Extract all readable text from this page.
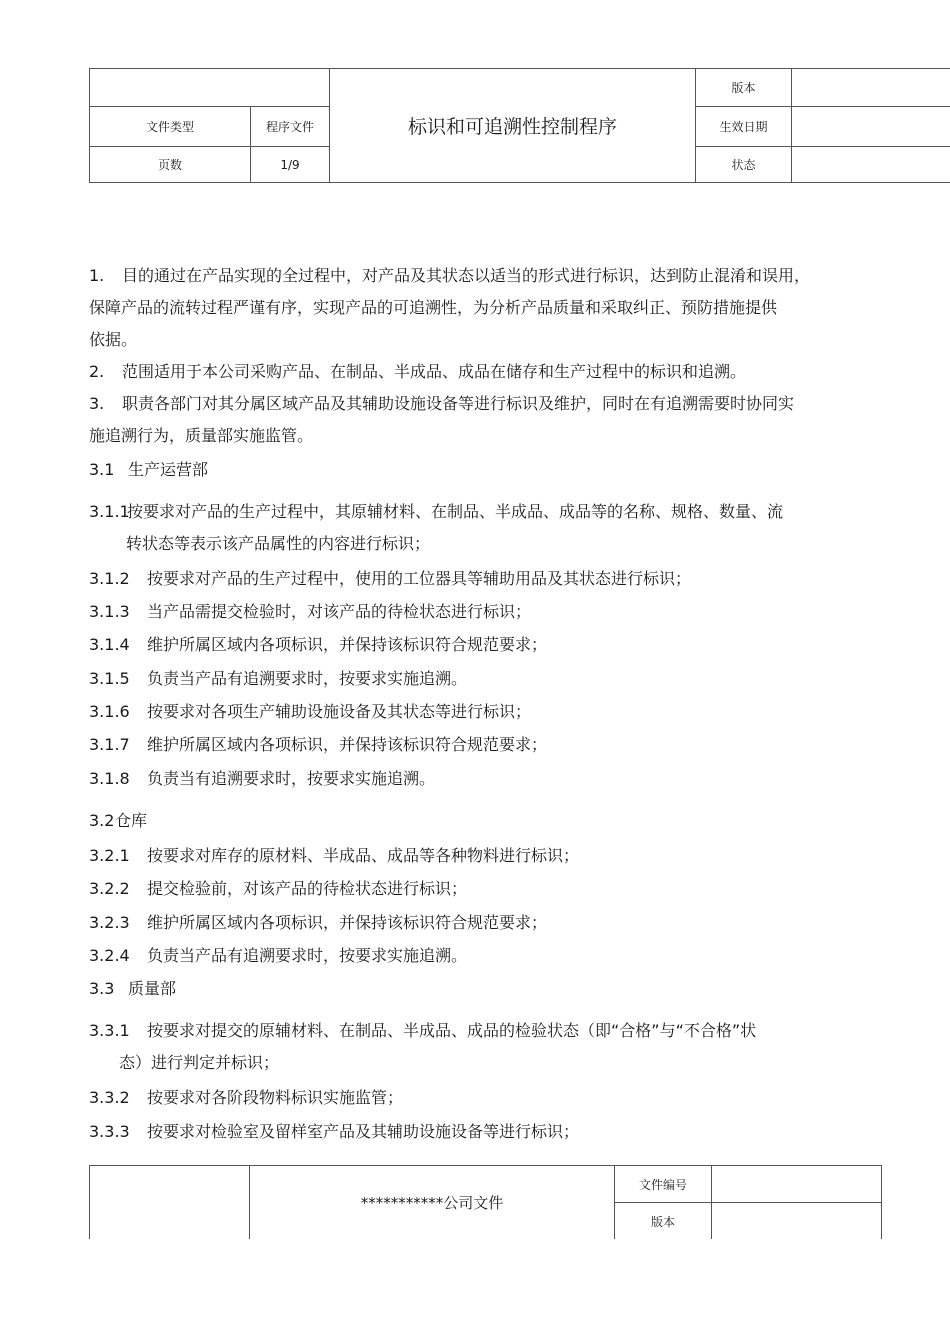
		标识和可追溯性控制程序	版本	
文件类型	程序文件		生效日期	
页数	1/9		状态	
1. 目的通过在产品实现的全过程中，对产品及其状态以适当的形式进行标识，达到防止混淆和误用，
保障产品的流转过程严谨有序，实现产品的可追溯性，为分析产品质量和采取纠正、预防措施提供
依据。
2. 范围适用于本公司采购产品、在制品、半成品、成品在储存和生产过程中的标识和追溯。
3. 职责各部门对其分属区域产品及其辅助设施设备等进行标识及维护，同时在有追溯需要时协同实
施追溯行为，质量部实施监管。
3.1 生产运营部
3.1.1按要求对产品的生产过程中，其原辅材料、在制品、半成品、成品等的名称、规格、数量、流
转状态等表示该产品属性的内容进行标识；
3.1.2 按要求对产品的生产过程中，使用的工位器具等辅助用品及其状态进行标识；
3.1.3 当产品需提交检验时，对该产品的待检状态进行标识；
3.1.4 维护所属区域内各项标识，并保持该标识符合规范要求；
3.1.5 负责当产品有追溯要求时，按要求实施追溯。
3.1.6 按要求对各项生产辅助设施设备及其状态等进行标识；
3.1.7 维护所属区域内各项标识，并保持该标识符合规范要求；
3.1.8 负责当有追溯要求时，按要求实施追溯。
3.2仓库
3.2.1 按要求对库存的原材料、半成品、成品等各种物料进行标识；
3.2.2 提交检验前，对该产品的待检状态进行标识；
3.2.3 维护所属区域内各项标识，并保持该标识符合规范要求；
3.2.4 负责当产品有追溯要求时，按要求实施追溯。
3.3 质量部
3.3.1 按要求对提交的原辅材料、在制品、半成品、成品的检验状态（即“合格”与“不合格”状
态）进行判定并标识；
3.3.2 按要求对各阶段物料标识实施监管；
3.3.3 按要求对检验室及留样室产品及其辅助设施设备等进行标识；
	***********公司文件	文件编号	
		版本	
